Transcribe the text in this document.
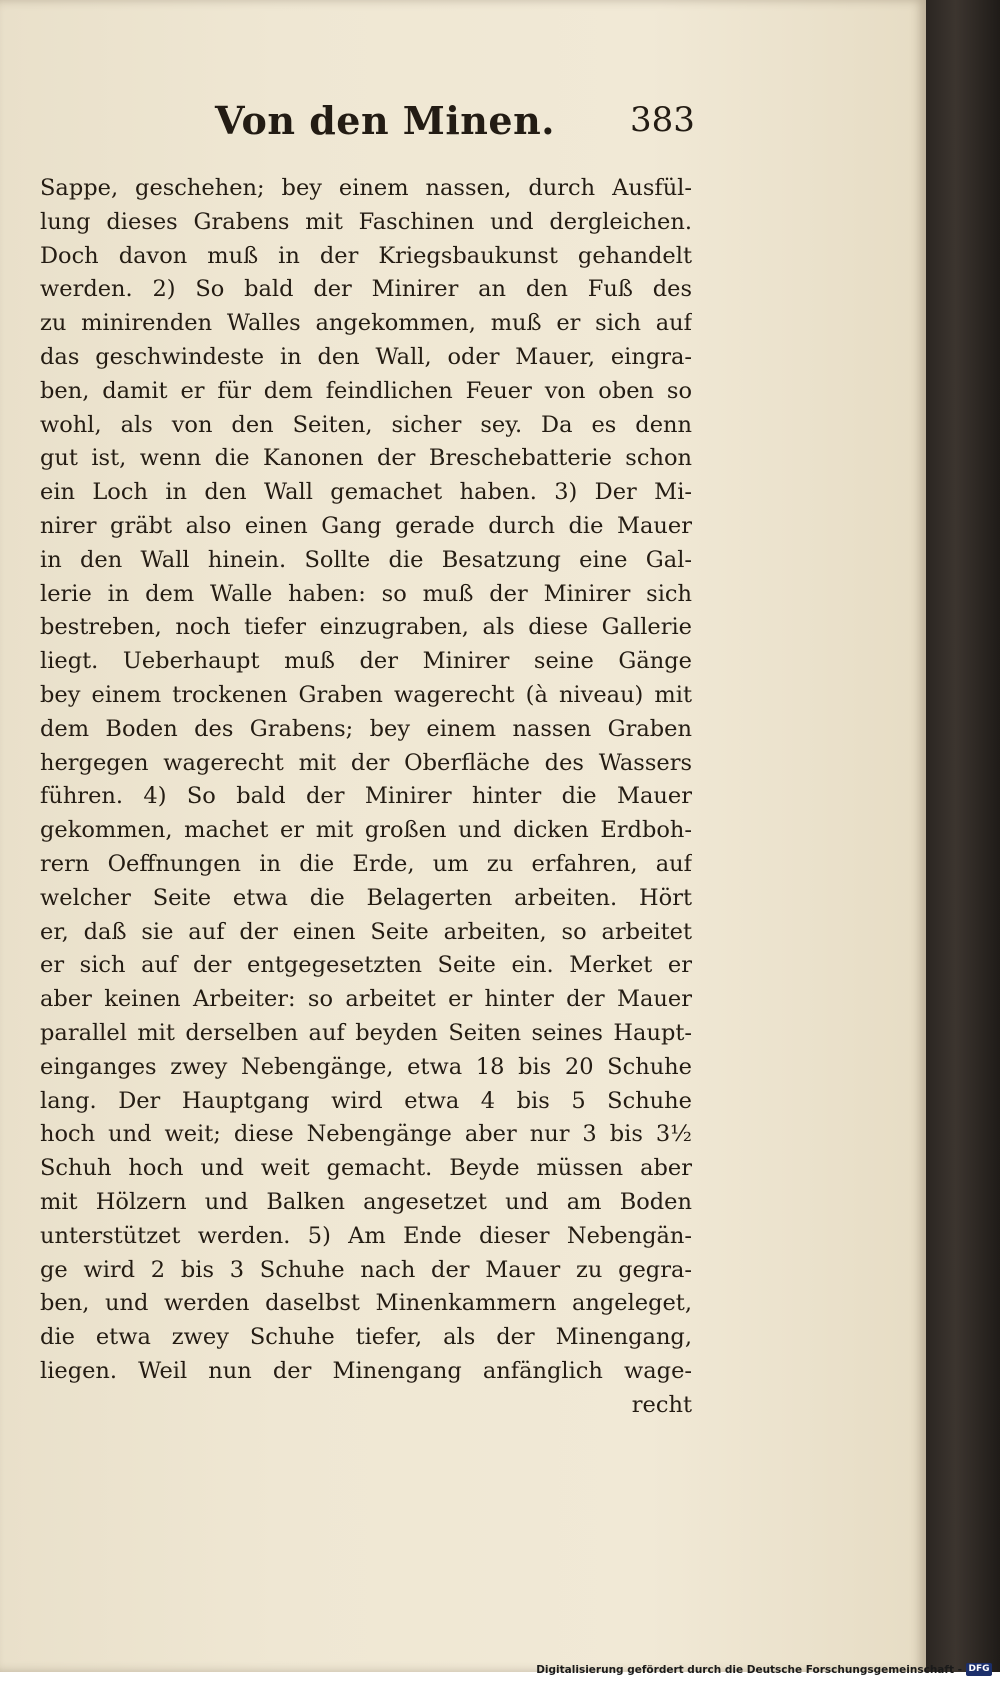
Von den Minen. 383
Sappe, geschehen; bey einem nassen, durch Ausfül-
lung dieses Grabens mit Faschinen und dergleichen.
Doch davon muß in der Kriegsbaukunst gehandelt
werden. 2) So bald der Minirer an den Fuß des
zu minirenden Walles angekommen, muß er sich auf
das geschwindeste in den Wall, oder Mauer, eingra-
ben, damit er für dem feindlichen Feuer von oben so
wohl, als von den Seiten, sicher sey. Da es denn
gut ist, wenn die Kanonen der Breschebatterie schon
ein Loch in den Wall gemachet haben. 3) Der Mi-
nirer gräbt also einen Gang gerade durch die Mauer
in den Wall hinein. Sollte die Besatzung eine Gal-
lerie in dem Walle haben: so muß der Minirer sich
bestreben, noch tiefer einzugraben, als diese Gallerie
liegt. Ueberhaupt muß der Minirer seine Gänge
bey einem trockenen Graben wagerecht (à niveau) mit
dem Boden des Grabens; bey einem nassen Graben
hergegen wagerecht mit der Oberfläche des Wassers
führen. 4) So bald der Minirer hinter die Mauer
gekommen, machet er mit großen und dicken Erdboh-
rern Oeffnungen in die Erde, um zu erfahren, auf
welcher Seite etwa die Belagerten arbeiten. Hört
er, daß sie auf der einen Seite arbeiten, so arbeitet
er sich auf der entgegesetzten Seite ein. Merket er
aber keinen Arbeiter: so arbeitet er hinter der Mauer
parallel mit derselben auf beyden Seiten seines Haupt-
einganges zwey Nebengänge, etwa 18 bis 20 Schuhe
lang. Der Hauptgang wird etwa 4 bis 5 Schuhe
hoch und weit; diese Nebengänge aber nur 3 bis 3½
Schuh hoch und weit gemacht. Beyde müssen aber
mit Hölzern und Balken angesetzet und am Boden
unterstützet werden. 5) Am Ende dieser Nebengän-
ge wird 2 bis 3 Schuhe nach der Mauer zu gegra-
ben, und werden daselbst Minenkammern angeleget,
die etwa zwey Schuhe tiefer, als der Minengang,
liegen. Weil nun der Minengang anfänglich wage-
recht
Digitalisierung gefördert durch die Deutsche Forschungsgemeinschaft - DFG
